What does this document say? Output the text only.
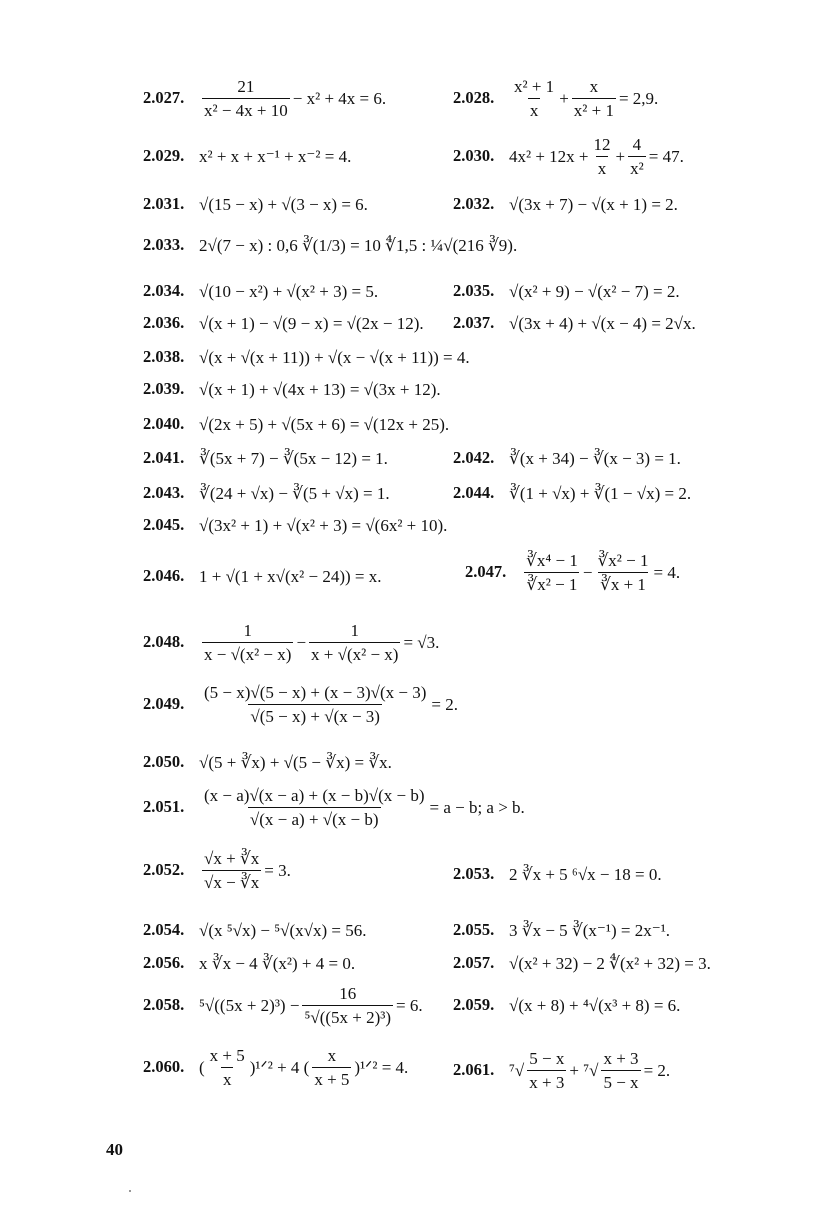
2.027.	$\frac{21}{\text{x² − 4x + 10}} - x^2 + 4x = 6$.	2.028.	$\frac{\text{x² + 1}}{x} + \frac{x}{\text{x² + 1}} = 2,9$.
2.029. x² + x + x⁻¹ + x⁻² = 4.	2.030. $4x^2 + 12x + \frac{12}{x} + \frac{4}{\text{x²}} = 47$.
2.031. √(15 − x) + √(3 − x) = 6.	2.032. √(3x + 7) − √(x + 1) = 2.
2.033. 2√(7 − x) : 0,6 ∛(1/3) = 10 ∜1,5 : ¼√(216 ∛9).
2.034. √(10 − x²) + √(x² + 3) = 5.	2.035. √(x² + 9) − √(x² − 7) = 2.
2.036. √(x + 1) − √(9 − x) = √(2x − 12). 2.037. √(3x + 4) + √(x − 4) = 2√x.
2.038. √(x + √(x + 11)) + √(x − √(x + 11)) = 4.
2.039. √(x + 1) + √(4x + 13) = √(3x + 12).
2.040. √(2x + 5) + √(5x + 6) = √(12x + 25).
2.041. ∛(5x + 7) − ∛(5x − 12) = 1.	2.042. ∛(x + 34) − ∛(x − 3) = 1.
2.043. ∛(24 + √x) − ∛(5 + √x) = 1.	2.044. ∛(1 + √x) + ∛(1 − √x) = 2.
2.045. √(3x² + 1) + √(x² + 3) = √(6x² + 10).
2.046. 1 + √(1 + x√(x² − 24)) = x.	2.047.	$\frac{\text{∛x⁴ − 1}}{\text{∛x² − 1}} - \frac{\text{∛x² − 1}}{∛x + 1} = 4$.
2.048.	$\frac{1}{\text{x − √(x² − x)}} - \frac{1}{\text{x + √(x² − x)}} = √3$.
2.049.	$\frac{(5 - x)√(5 - x) + (x - 3)√(x - 3)}{√(5 - x) + √(x - 3)} = 2$.
2.050. √(5 + ∛x) + √(5 − ∛x) = ∛x.
2.051.	$\frac{(x - a)√(x - a) + (x - b)√(x - b)}{√(x - a) + √(x - b)} = a - b$; a > b.
2.052.	$\frac{√x + ∛x}{√x - ∛x} = 3$.	2.053. 2 ∛x + 5 ⁶√x − 18 = 0.
2.054. √(x ⁵√x) − ⁵√(x√x) = 56.	2.055. 3 ∛x − 5 ∛(x⁻¹) = 2x⁻¹.
2.056. x ∛x − 4 ∛(x²) + 4 = 0.	2.057. √(x² + 32) − 2 ∜(x² + 32) = 3.
2.058. $^5√((5x + 2)^3) - \frac{16}{\text{⁵√((5x + 2)³)}} = 6$. 2.059. √(x + 8) + ⁴√(x³ + 8) = 6.
2.060. ( $\frac{x + 5}{x}$ )¹ᐟ² + 4 ( $\frac{x}{x + 5}$ )¹ᐟ² = 4.	2.061. $^7√ \frac{5 - x}{x + 3} + ^7√ \frac{x + 3}{5 - x} = 2$.
40
